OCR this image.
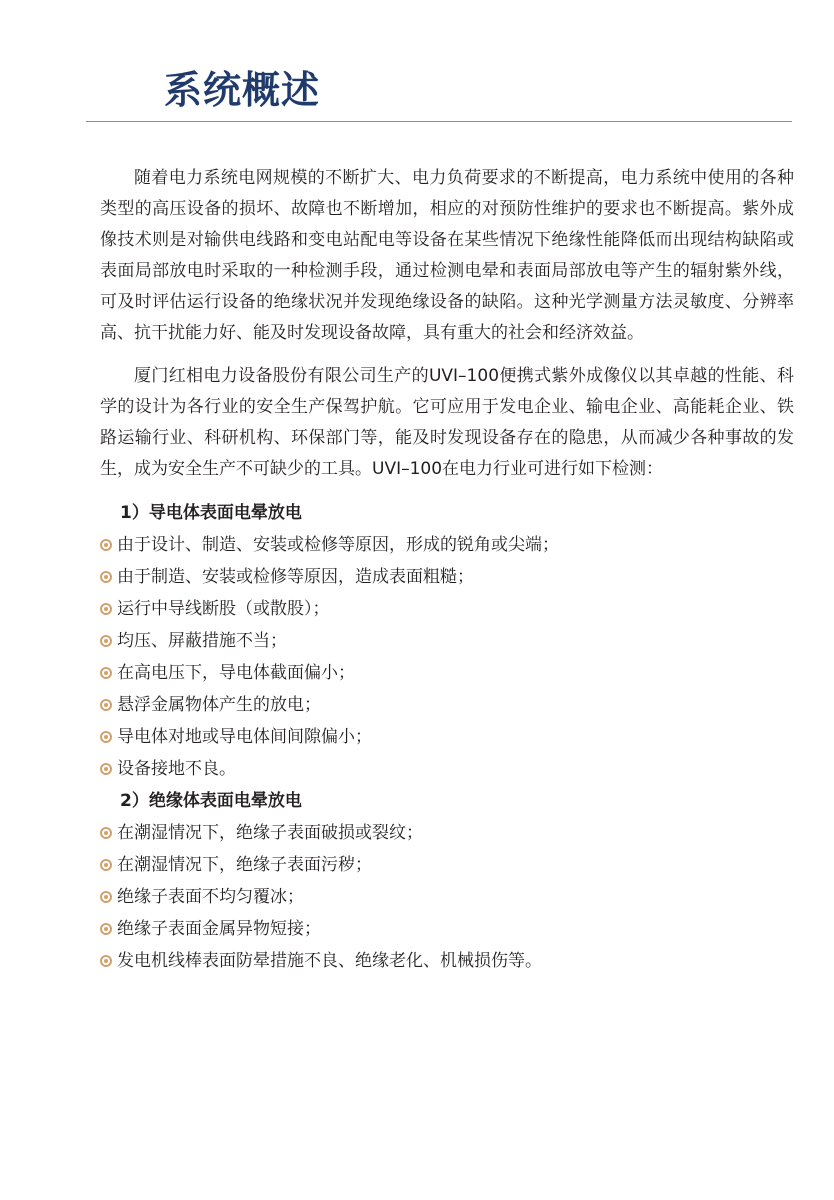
系统概述

随着电力系统电网规模的不断扩大、电力负荷要求的不断提高，电力系统中使用的各种类型的高压设备的损坏、故障也不断增加，相应的对预防性维护的要求也不断提高。紫外成像技术则是对输供电线路和变电站配电等设备在某些情况下绝缘性能降低而出现结构缺陷或表面局部放电时采取的一种检测手段，通过检测电晕和表面局部放电等产生的辐射紫外线，可及时评估运行设备的绝缘状况并发现绝缘设备的缺陷。这种光学测量方法灵敏度、分辨率高、抗干扰能力好、能及时发现设备故障，具有重大的社会和经济效益。

厦门红相电力设备股份有限公司生产的UVI–100便携式紫外成像仪以其卓越的性能、科学的设计为各行业的安全生产保驾护航。它可应用于发电企业、输电企业、高能耗企业、铁路运输行业、科研机构、环保部门等，能及时发现设备存在的隐患，从而减少各种事故的发生，成为安全生产不可缺少的工具。UVI–100在电力行业可进行如下检测：

1）导电体表面电晕放电
由于设计、制造、安装或检修等原因，形成的锐角或尖端；
由于制造、安装或检修等原因，造成表面粗糙；
运行中导线断股（或散股）；
均压、屏蔽措施不当；
在高电压下，导电体截面偏小；
悬浮金属物体产生的放电；
导电体对地或导电体间间隙偏小；
设备接地不良。
2）绝缘体表面电晕放电
在潮湿情况下，绝缘子表面破损或裂纹；
在潮湿情况下，绝缘子表面污秽；
绝缘子表面不均匀覆冰；
绝缘子表面金属异物短接；
发电机线棒表面防晕措施不良、绝缘老化、机械损伤等。
